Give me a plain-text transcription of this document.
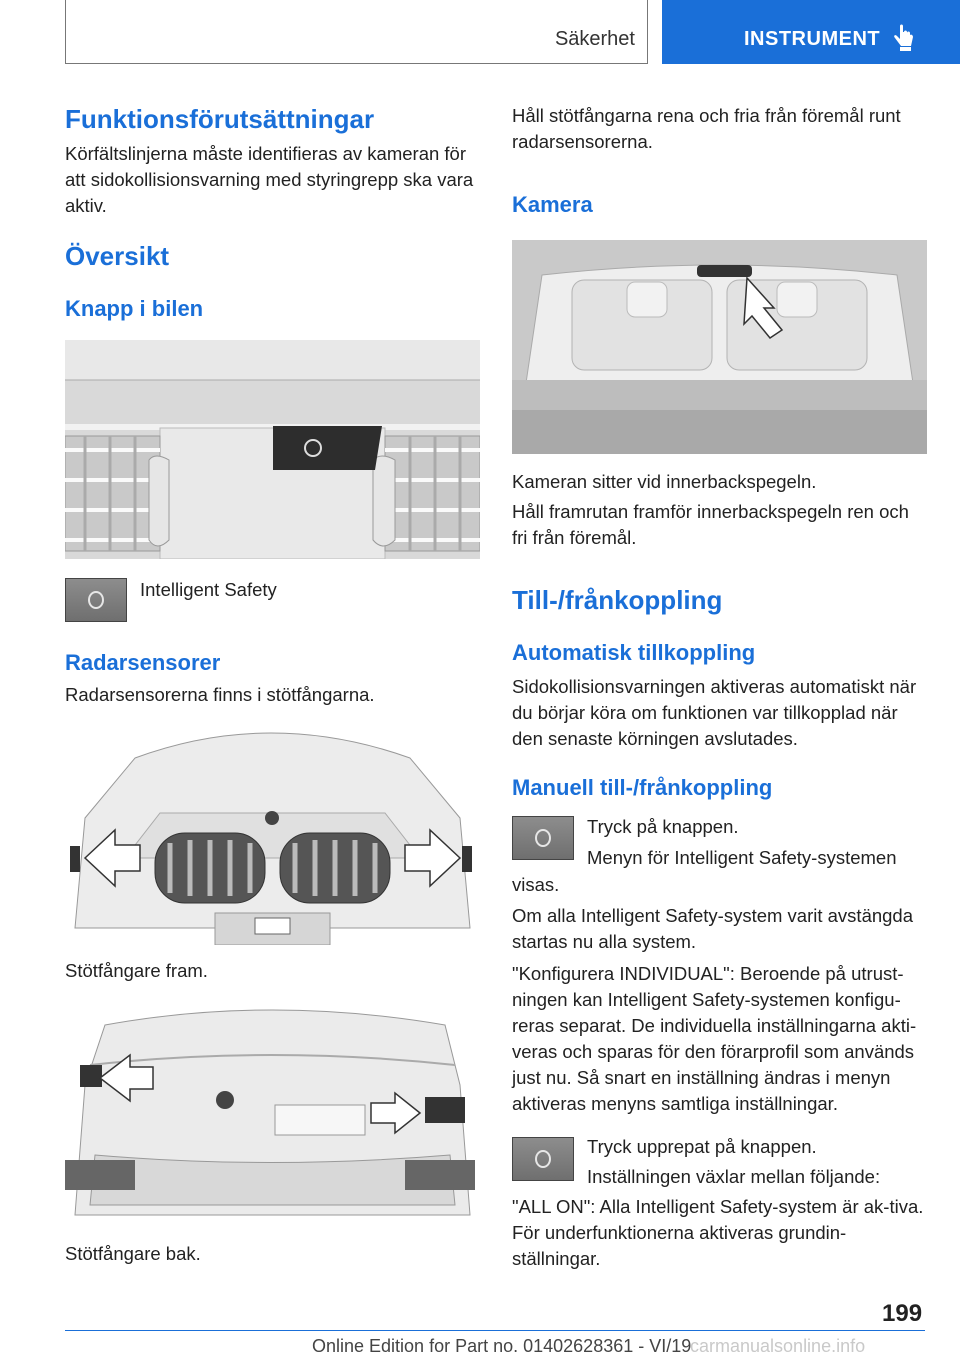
Säkerhet	INSTRUMENT
Funktionsförutsättningar

Körfältslinjerna måste identifieras av kameran för att sidokollisionsvarning med styringrepp ska vara aktiv.

Översikt
Knapp i bilen

Intelligent Safety

Radarsensorer

Radarsensorerna finns i stötfångarna.

Stötfångare fram.

Stötfångare bak.

Håll stötfångarna rena och fria från föremål runt radarsensorerna.

Kamera

Kameran sitter vid innerbackspegeln.

Håll framrutan framför innerbackspegeln ren och fri från föremål.

Till-/frånkoppling
Automatisk tillkoppling

Sidokollisionsvarningen aktiveras automatiskt när du börjar köra om funktionen var tillkopplad när den senaste körningen avslutades.

Manuell till-/frånkoppling

Tryck på knappen.

Menyn för Intelligent Safety-systemen

visas.

Om alla Intelligent Safety-system varit avstängda startas nu alla system.

"Konfigurera INDIVIDUAL": Beroende på utrust-ningen kan Intelligent Safety-systemen konfigu-reras separat. De individuella inställningarna akti-veras och sparas för den förarprofil som används just nu. Så snart en inställning ändras i menyn aktiveras menyns samtliga inställningar.

Tryck upprepat på knappen.

Inställningen växlar mellan följande:

"ALL ON": Alla Intelligent Safety-system är ak-tiva. För underfunktionerna aktiveras grundin-ställningar.

199
Online Edition for Part no. 01402628361 - VI/19
carmanualsonline.info
